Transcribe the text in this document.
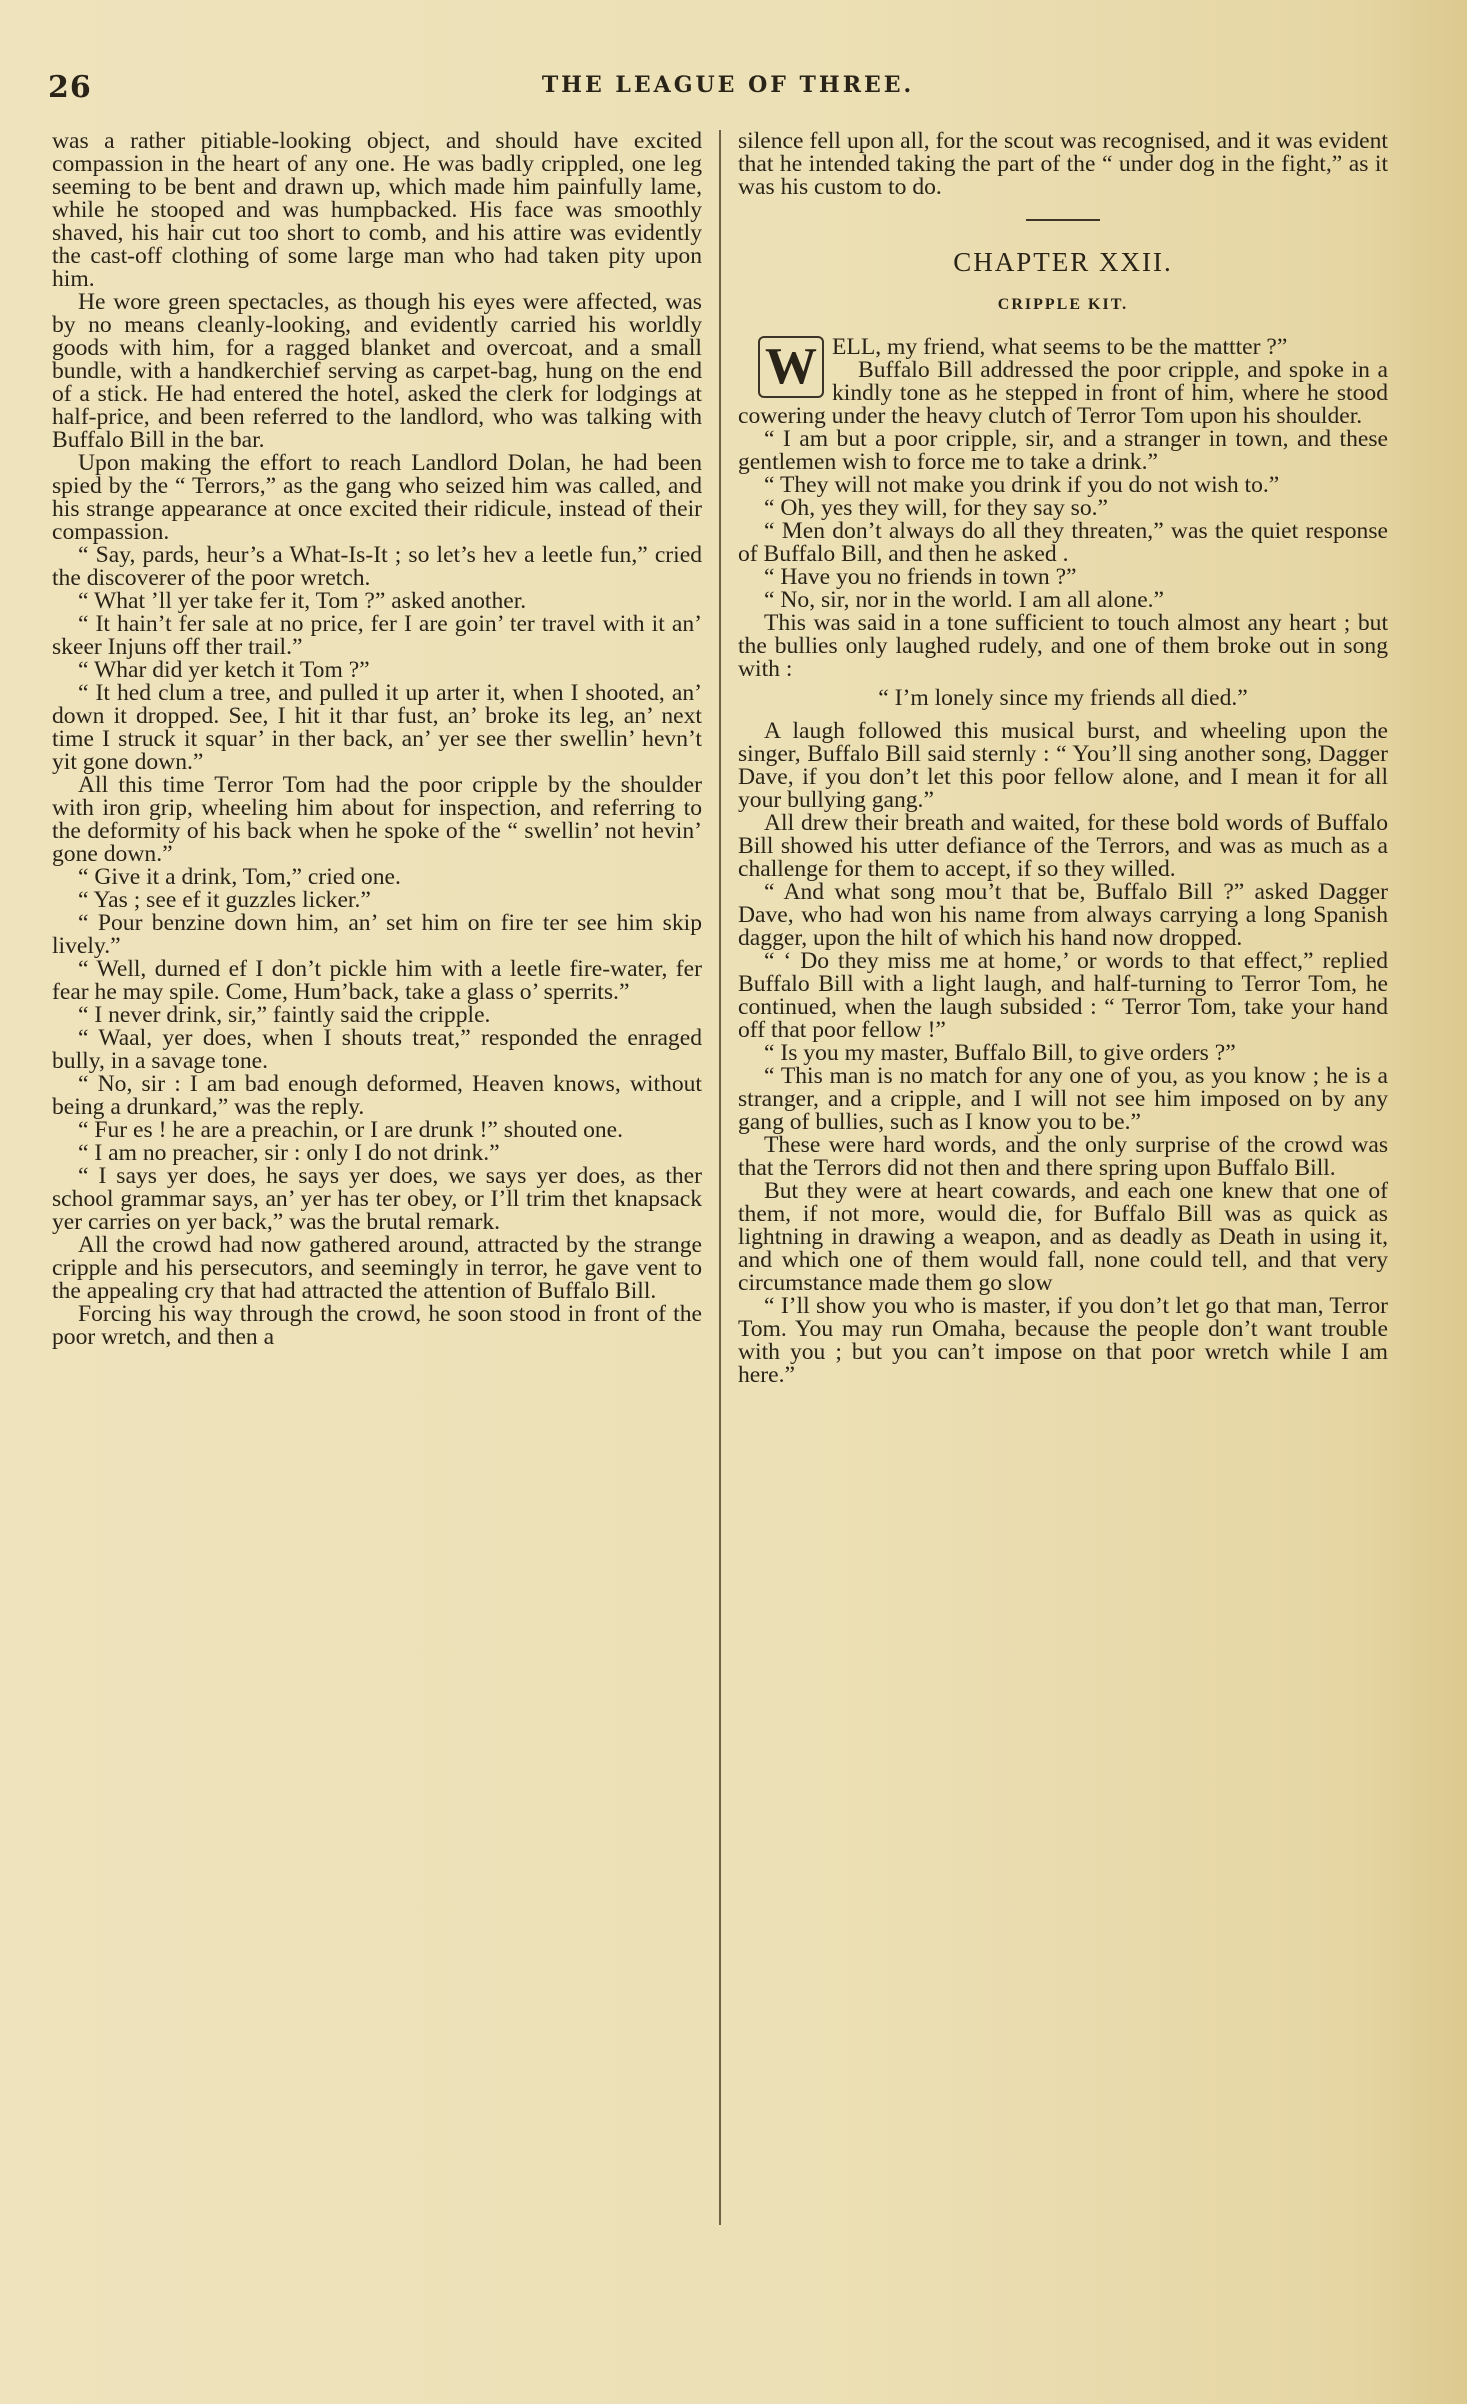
26	THE LEAGUE OF THREE.

was a rather pitiable-looking object, and should have excited compassion in the heart of any one. He was badly crippled, one leg seeming to be bent and drawn up, which made him painfully lame, while he stooped and was humpbacked. His face was smoothly shaved, his hair cut too short to comb, and his attire was evidently the cast-off clothing of some large man who had taken pity upon him.

He wore green spectacles, as though his eyes were affected, was by no means cleanly-looking, and evidently carried his worldly goods with him, for a ragged blanket and overcoat, and a small bundle, with a handkerchief serving as carpet-bag, hung on the end of a stick. He had entered the hotel, asked the clerk for lodgings at half-price, and been referred to the landlord, who was talking with Buffalo Bill in the bar.

Upon making the effort to reach Landlord Dolan, he had been spied by the “ Terrors,” as the gang who seized him was called, and his strange appearance at once excited their ridicule, instead of their compassion.

“ Say, pards, heur’s a What-Is-It ; so let’s hev a leetle fun,” cried the discoverer of the poor wretch.

“ What ’ll yer take fer it, Tom ?” asked another.

“ It hain’t fer sale at no price, fer I are goin’ ter travel with it an’ skeer Injuns off ther trail.”

“ Whar did yer ketch it Tom ?”

“ It hed clum a tree, and pulled it up arter it, when I shooted, an’ down it dropped. See, I hit it thar fust, an’ broke its leg, an’ next time I struck it squar’ in ther back, an’ yer see ther swellin’ hevn’t yit gone down.”

All this time Terror Tom had the poor cripple by the shoulder with iron grip, wheeling him about for inspection, and referring to the deformity of his back when he spoke of the “ swellin’ not hevin’ gone down.”

“ Give it a drink, Tom,” cried one.

“ Yas ; see ef it guzzles licker.”

“ Pour benzine down him, an’ set him on fire ter see him skip lively.”

“ Well, durned ef I don’t pickle him with a leetle fire-water, fer fear he may spile. Come, Hum’back, take a glass o’ sperrits.”

“ I never drink, sir,” faintly said the cripple.

“ Waal, yer does, when I shouts treat,” responded the enraged bully, in a savage tone.

“ No, sir : I am bad enough deformed, Heaven knows, without being a drunkard,” was the reply.

“ Fur es ! he are a preachin, or I are drunk !” shouted one.

“ I am no preacher, sir : only I do not drink.”

“ I says yer does, he says yer does, we says yer does, as ther school grammar says, an’ yer has ter obey, or I’ll trim thet knapsack yer carries on yer back,” was the brutal remark.

All the crowd had now gathered around, attracted by the strange cripple and his persecutors, and seemingly in terror, he gave vent to the appealing cry that had attracted the attention of Buffalo Bill.

Forcing his way through the crowd, he soon stood in front of the poor wretch, and then a

silence fell upon all, for the scout was recognised, and it was evident that he intended taking the part of the “ under dog in the fight,” as it was his custom to do.

CHAPTER XXII.
CRIPPLE KIT.

W ELL, my friend, what seems to be the mattter ?”

Buffalo Bill addressed the poor cripple, and spoke in a kindly tone as he stepped in front of him, where he stood cowering under the heavy clutch of Terror Tom upon his shoulder.

“ I am but a poor cripple, sir, and a stranger in town, and these gentlemen wish to force me to take a drink.”

“ They will not make you drink if you do not wish to.”

“ Oh, yes they will, for they say so.”

“ Men don’t always do all they threaten,” was the quiet response of Buffalo Bill, and then he asked .

“ Have you no friends in town ?”

“ No, sir, nor in the world. I am all alone.”

This was said in a tone sufficient to touch almost any heart ; but the bullies only laughed rudely, and one of them broke out in song with :

“ I’m lonely since my friends all died.”

A laugh followed this musical burst, and wheeling upon the singer, Buffalo Bill said sternly : “ You’ll sing another song, Dagger Dave, if you don’t let this poor fellow alone, and I mean it for all your bullying gang.”

All drew their breath and waited, for these bold words of Buffalo Bill showed his utter defiance of the Terrors, and was as much as a challenge for them to accept, if so they willed.

“ And what song mou’t that be, Buffalo Bill ?” asked Dagger Dave, who had won his name from always carrying a long Spanish dagger, upon the hilt of which his hand now dropped.

“ ‘ Do they miss me at home,’ or words to that effect,” replied Buffalo Bill with a light laugh, and half-turning to Terror Tom, he continued, when the laugh subsided : “ Terror Tom, take your hand off that poor fellow !”

“ Is you my master, Buffalo Bill, to give orders ?”

“ This man is no match for any one of you, as you know ; he is a stranger, and a cripple, and I will not see him imposed on by any gang of bullies, such as I know you to be.”

These were hard words, and the only surprise of the crowd was that the Terrors did not then and there spring upon Buffalo Bill.

But they were at heart cowards, and each one knew that one of them, if not more, would die, for Buffalo Bill was as quick as lightning in drawing a weapon, and as deadly as Death in using it, and which one of them would fall, none could tell, and that very circumstance made them go slow

“ I’ll show you who is master, if you don’t let go that man, Terror Tom. You may run Omaha, because the people don’t want trouble with you ; but you can’t impose on that poor wretch while I am here.”
